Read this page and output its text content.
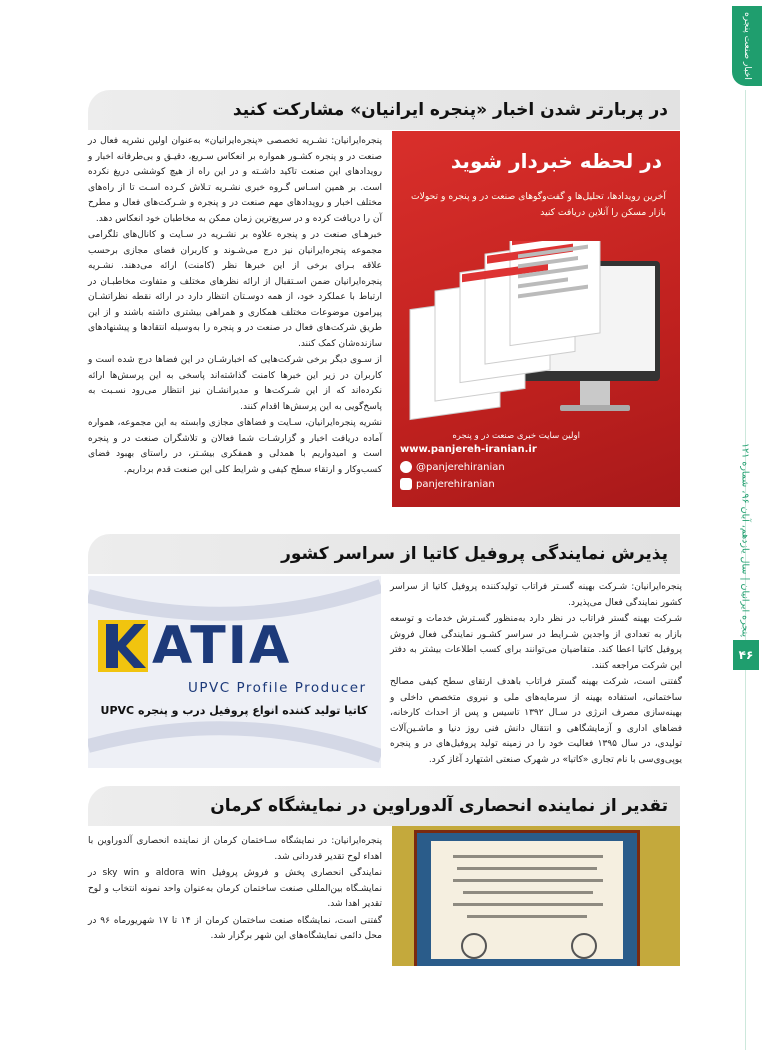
اخبار صنعت پنجره
پنجره ایرانیان | سال یازدهم، آبان ۹۶، شماره ۱۲۱
۴۶
در پربارتر شدن اخبار «پنجره ایرانیان» مشارکت کنید

پنجره‌ایرانیان: نشـریه تخصصی «پنجره‌ایرانیان» به‌عنوان اولین نشریه فعال در صنعت در و پنجره کشـور همواره بر انعکاس سـریع، دقیـق و بی‌طرفانه اخبار و رویدادهای این صنعت تاکید داشـته و در این راه از هیچ کوششی دریغ نکرده است. بر همین اسـاس گـروه خبری نشـریه تـلاش کـرده اسـت تا از راه‌های مختلف اخبار و رویدادهای مهم صنعت در و پنجره و شـرکت‌های فعال و مطرح آن را دریافت کرده و در سریع‌ترین زمان ممکن به مخاطبان خود انعکاس دهد.

خبرهـای صنعت در و پنجره علاوه بر نشـریه در سـایت و کانال‌های تلگرامی مجموعه پنجره‌ایرانیان نیز درج می‌شـوند و کاربران فضای مجازی برحسب علاقه بـرای برخی از این خبرها نظر (کامنت) ارائه می‌دهند. نشـریه پنجره‌ایرانیان ضمن اسـتقبال از ارائه نظرهای مختلف و متفاوت مخاطبـان در ارتباط با عملکرد خود، از همه دوسـتان انتظار دارد در ارائه نقطه نظراتشـان پیرامون موضوعات مختلف همکاری و همراهی بیشتری داشته باشند و از این طریق شرکت‌های فعال در صنعت در و پنجره را به‌وسیله انتقادها و پیشنهادهای سازنده‌شان کمک کنند.

از سـوی دیگر برخی شرکت‌هایی که اخبارشـان در این فضاها درج شده است و کاربران در زیر این خبرها کامنت گذاشته‌اند پاسخی به این پرسش‌ها ارائه نکرده‌اند که از این شـرکت‌ها و مدیرانشـان نیز انتظار می‌رود نسـبت به پاسخ‌گویی به این پرسش‌ها اقدام کنند.

نشریه پنجره‌ایرانیان، سـایت و فضاهای مجازی وابسته به این مجموعه، همواره آماده دریافت اخبار و گزارشـات شما فعالان و تلاشگران صنعت در و پنجره است و امیدواریم با همدلی و همفکری بیشـتر، در راستای بهبود فضای کسب‌وکار و ارتقاء سطح کیفی و شرایط کلی این صنعت قدم برداریم.

در لحظه خبردار شوید
آخرین رویدادها، تحلیل‌ها و گفت‌وگوهای صنعت در و پنجره و تحولات بازار مسکن را آنلاین دریافت کنید
اولین سایت خبری صنعت در و پنجره
www.panjereh-iranian.ir
@panjerehiranian
panjerehiranian
پذیرش نمایندگی پروفیل کاتیا از سراسر کشور

پنجره‌ایرانیان: شـرکت بهینه گسـتر فراتاب تولیدکننده پروفیل کاتیا از سراسر کشور نمایندگی فعال می‌پذیرد.

شـرکت بهینه گستر فراتاب در نظر دارد به‌منظور گسـترش خدمات و توسعه بازار به تعدادی از واجدین شـرایط در سراسر کشـور نمایندگی فعال فروش پروفیل کاتیا اعطا کند. متقاضیان می‌توانند برای کسب اطلاعات بیشتر به دفتر این شرکت مراجعه کنند.

گفتنی است، شرکت بهینه گستر فراتاب باهدف ارتقای سطح کیفی مصالح ساختمانی، استفاده بهینه از سرمایه‌های ملی و نیروی متخصص داخلی و بهینه‌سازی مصرف انرژی در سـال ۱۳۹۲ تاسیس و پس از احداث کارخانه، فضاهای اداری و آزمایشگاهی و انتقال دانش فنی روز دنیا و ماشـین‌آلات تولیدی، در سال ۱۳۹۵ فعالیت خود را در زمینه تولید پروفیل‌های در و پنجره یوپی‌وی‌سی با نام تجاری «کاتیا» در شهرک صنعتی اشتهارد آغاز کرد.

ATIA
UPVC Profile Producer
کاتیا تولید کننده انواع پروفیل درب و پنجره UPVC
تقدیر از نماینده انحصاری آلدوراوین در نمایشگاه کرمان

پنجره‌ایرانیان: در نمایشگاه سـاختمان کرمان از نماینده انحصاری آلدوراوین با اهداء لوح تقدیر قدردانی شد.

نمایندگی انحصاری پخش و فروش پروفیل aldora win و sky win در نمایشـگاه بین‌المللی صنعت ساختمان کرمان به‌عنوان واحد نمونه انتخاب و لوح تقدیر اهدا شد.

گفتنی است، نمایشگاه صنعت ساختمان کرمان از ۱۴ تا ۱۷ شهریورماه ۹۶ در محل دائمی نمایشگاه‌های این شهر برگزار شد.
